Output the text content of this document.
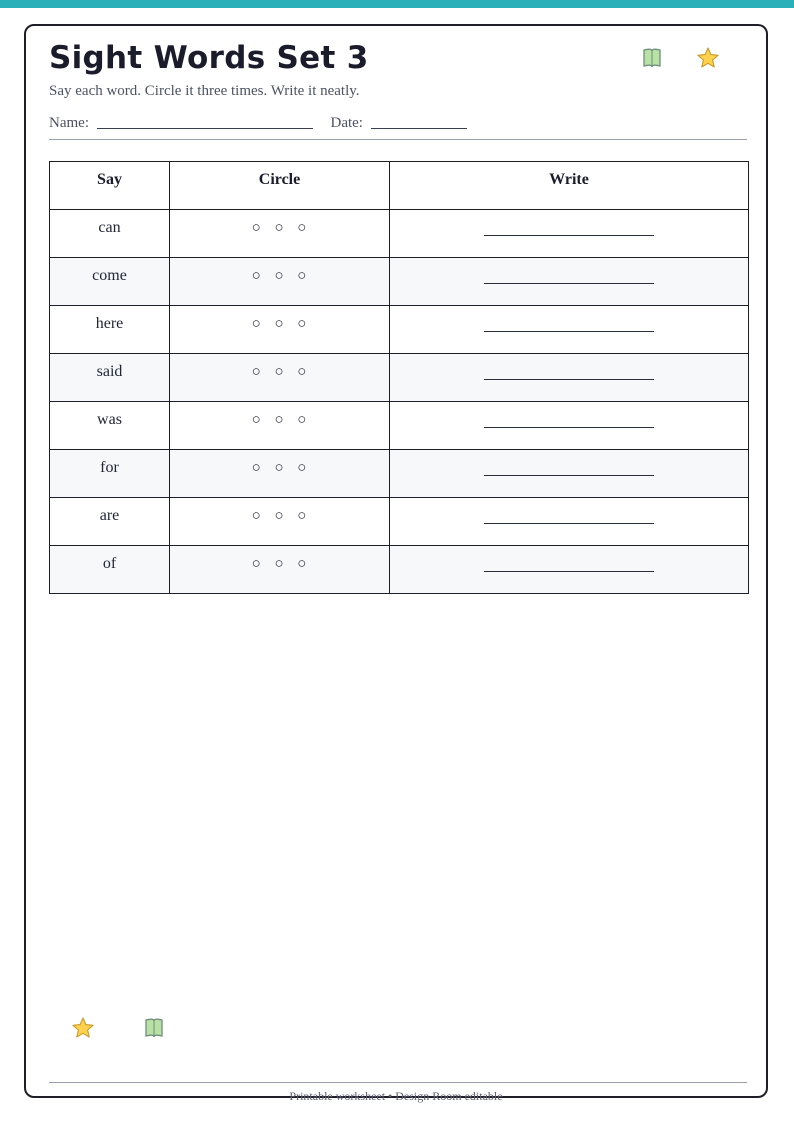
Sight Words Set 3
Say each word. Circle it three times. Write it neatly.
Name:	Date:
Say	Circle	Write
can	○ ○ ○	
come	○ ○ ○	
here	○ ○ ○	
said	○ ○ ○	
was	○ ○ ○	
for	○ ○ ○	
are	○ ○ ○	
of	○ ○ ○	
Printable worksheet • Design Room editable
